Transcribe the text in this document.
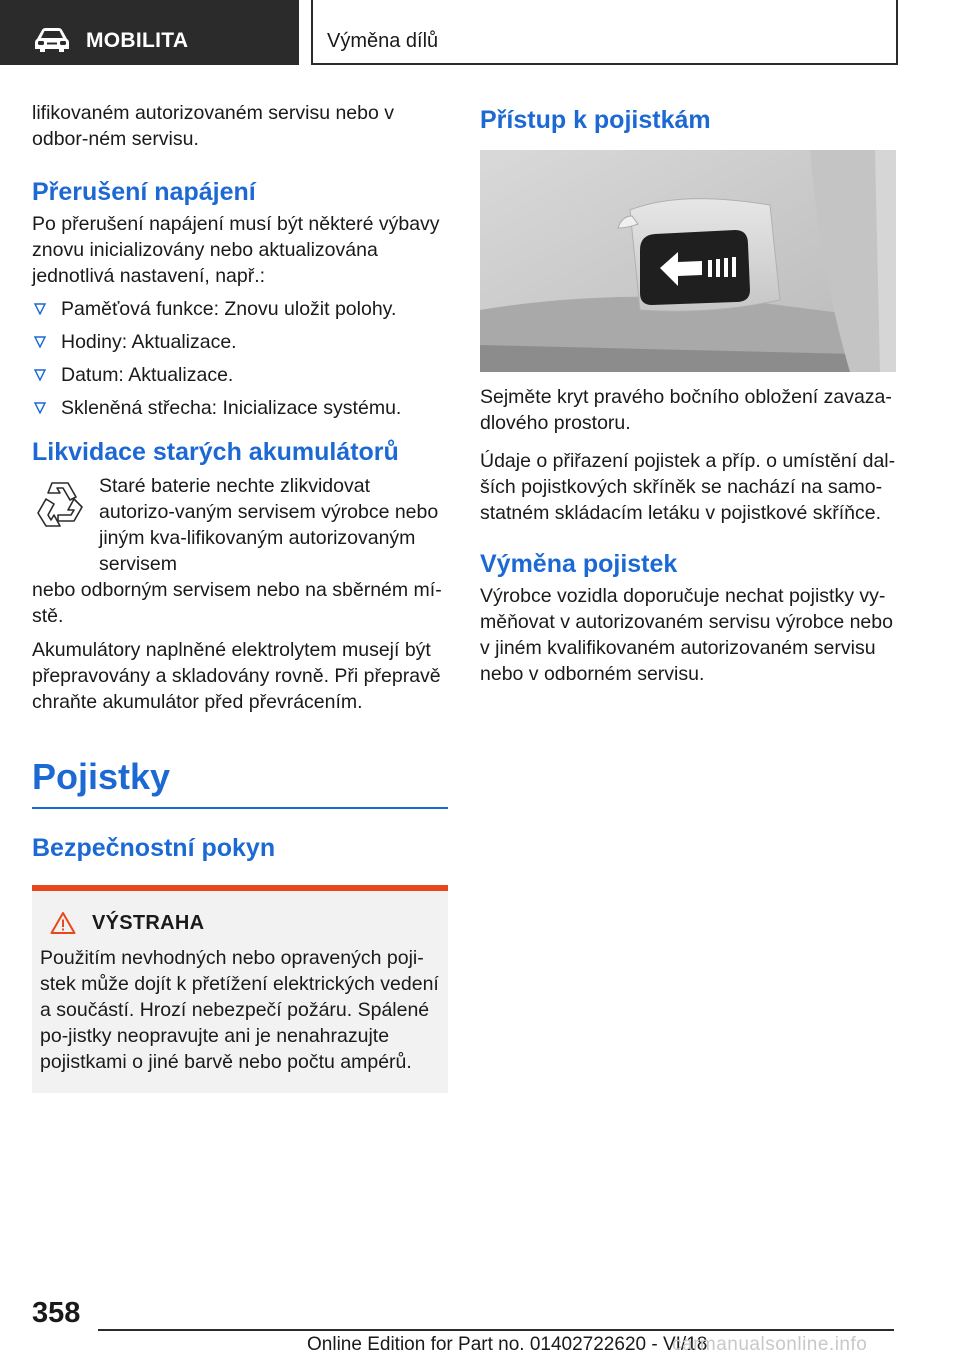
MOBILITA	Výměna dílů

lifikovaném autorizovaném servisu nebo v odbor-ném servisu.

Přerušení napájení

Po přerušení napájení musí být některé výbavy znovu inicializovány nebo aktualizována jednotlivá nastavení, např.:

Paměťová funkce: Znovu uložit polohy.
Hodiny: Aktualizace.
Datum: Aktualizace.
Skleněná střecha: Inicializace systému.
Likvidace starých akumulátorů

Staré baterie nechte zlikvidovat autorizo-vaným servisem výrobce nebo jiným kva-lifikovaným autorizovaným servisem

nebo odborným servisem nebo na sběrném mí-stě.

Akumulátory naplněné elektrolytem musejí být přepravovány a skladovány rovně. Při přepravě chraňte akumulátor před převrácením.

Pojistky
Bezpečnostní pokyn
VÝSTRAHA

Použitím nevhodných nebo opravených poji-stek může dojít k přetížení elektrických vedení a součástí. Hrozí nebezpečí požáru. Spálené po-jistky neopravujte ani je nenahrazujte pojistkami o jiné barvě nebo počtu ampérů.

Přístup k pojistkám

Sejměte kryt pravého bočního obložení zavaza-dlového prostoru.

Údaje o přiřazení pojistek a příp. o umístění dal-ších pojistkových skříněk se nachází na samo-statném skládacím letáku v pojistkové skříňce.

Výměna pojistek

Výrobce vozidla doporučuje nechat pojistky vy-měňovat v autorizovaném servisu výrobce nebo v jiném kvalifikovaném autorizovaném servisu nebo v odborném servisu.

358
Online Edition for Part no. 01402722620 - VI/18
carmanualsonline.info
